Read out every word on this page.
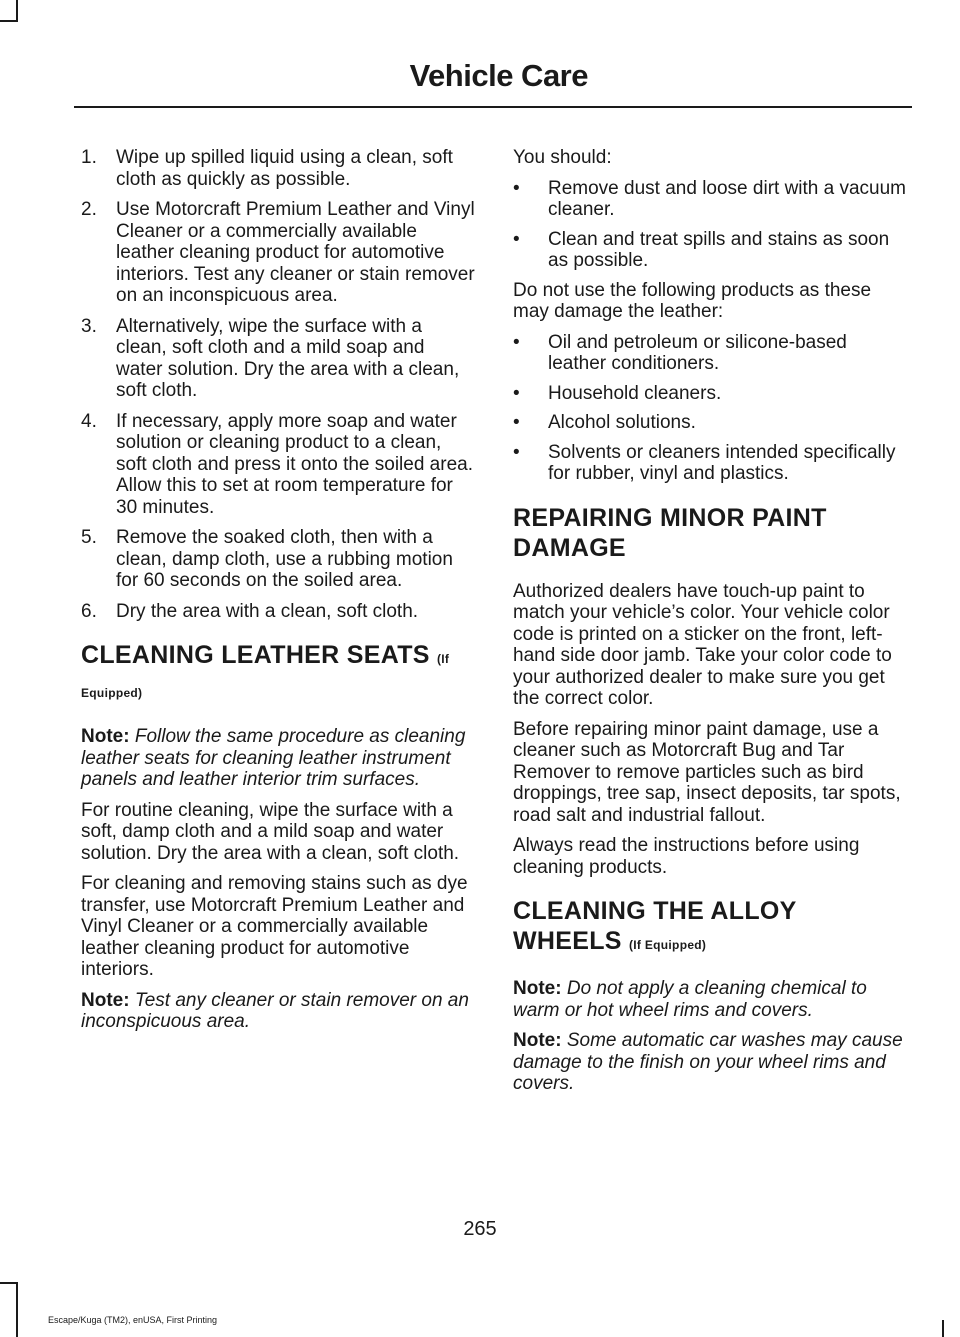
Vehicle Care
1. Wipe up spilled liquid using a clean, soft cloth as quickly as possible.
2. Use Motorcraft Premium Leather and Vinyl Cleaner or a commercially available leather cleaning product for automotive interiors. Test any cleaner or stain remover on an inconspicuous area.
3. Alternatively, wipe the surface with a clean, soft cloth and a mild soap and water solution. Dry the area with a clean, soft cloth.
4. If necessary, apply more soap and water solution or cleaning product to a clean, soft cloth and press it onto the soiled area. Allow this to set at room temperature for 30 minutes.
5. Remove the soaked cloth, then with a clean, damp cloth, use a rubbing motion for 60 seconds on the soiled area.
6. Dry the area with a clean, soft cloth.
CLEANING LEATHER SEATS (If Equipped)

Note: Follow the same procedure as cleaning leather seats for cleaning leather instrument panels and leather interior trim surfaces.

For routine cleaning, wipe the surface with a soft, damp cloth and a mild soap and water solution. Dry the area with a clean, soft cloth.

For cleaning and removing stains such as dye transfer, use Motorcraft Premium Leather and Vinyl Cleaner or a commercially available leather cleaning product for automotive interiors.

Note: Test any cleaner or stain remover on an inconspicuous area.

You should:

• Remove dust and loose dirt with a vacuum cleaner.
• Clean and treat spills and stains as soon as possible.

Do not use the following products as these may damage the leather:

• Oil and petroleum or silicone-based leather conditioners.
• Household cleaners.
• Alcohol solutions.
• Solvents or cleaners intended specifically for rubber, vinyl and plastics.
REPAIRING MINOR PAINT DAMAGE

Authorized dealers have touch-up paint to match your vehicle’s color. Your vehicle color code is printed on a sticker on the front, left-hand side door jamb. Take your color code to your authorized dealer to make sure you get the correct color.

Before repairing minor paint damage, use a cleaner such as Motorcraft Bug and Tar Remover to remove particles such as bird droppings, tree sap, insect deposits, tar spots, road salt and industrial fallout.

Always read the instructions before using cleaning products.

CLEANING THE ALLOY WHEELS (If Equipped)

Note: Do not apply a cleaning chemical to warm or hot wheel rims and covers.

Note: Some automatic car washes may cause damage to the finish on your wheel rims and covers.

265
Escape/Kuga (TM2), enUSA, First Printing
